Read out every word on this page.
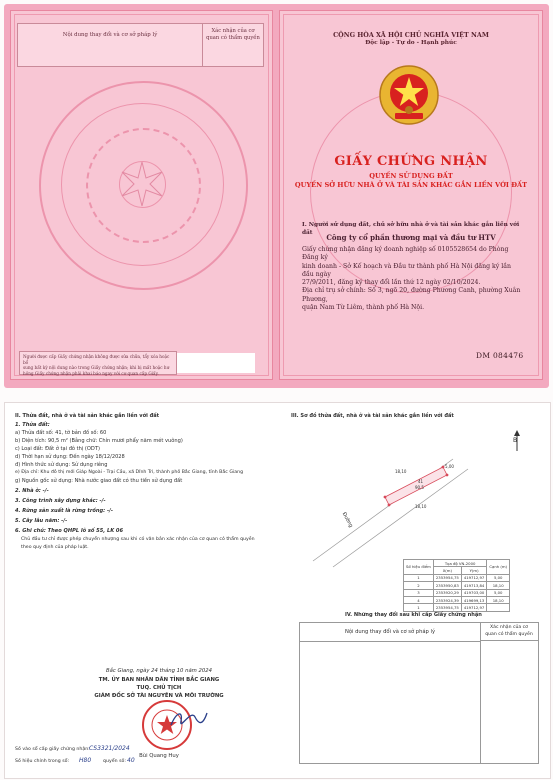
Nội dung thay đổi và cơ sở pháp lý
Xác nhận của cơ
quan có thẩm quyền
Người được cấp Giấy chứng nhận không được sửa chữa, tẩy xóa hoặc bổ
sung bất kỳ nội dung nào trong Giấy chứng nhận; khi bị mất hoặc hư
hỏng Giấy chứng nhận phải khai báo ngay với cơ quan cấp Giấy.
CỘNG HÒA XÃ HỘI CHỦ NGHĨA VIỆT NAM
Độc lập - Tự do - Hạnh phúc
GIẤY CHỨNG NHẬN
QUYỀN SỬ DỤNG ĐẤT
QUYỀN SỞ HỮU NHÀ Ở VÀ TÀI SẢN KHÁC GẮN LIỀN VỚI ĐẤT
I. Người sử dụng đất, chủ sở hữu nhà ở và tài sản khác gắn liền với đất	Công ty cổ phần thương mại và đầu tư HTV
Giấy chứng nhận đăng ký doanh nghiệp số 0105528654 do Phòng Đăng ký
kinh doanh - Sở Kế hoạch và Đầu tư thành phố Hà Nội đăng ký lần đầu ngày
27/9/2011, đăng ký thay đổi lần thứ 12 ngày 02/10/2024.
Địa chỉ trụ sở chính: Số 3, ngõ 20, đường Phương Canh, phường Xuân Phương,
quận Nam Từ Liêm, thành phố Hà Nội.
DM 084476
II. Thửa đất, nhà ở và tài sản khác gắn liền với đất
1. Thửa đất:
a) Thửa đất số: 41, tờ bản đồ số: 60
b) Diện tích: 90,5 m² (Bằng chữ: Chín mươi phẩy năm mét vuông)
c) Loại đất: Đất ở tại đô thị (ODT)
d) Thời hạn sử dụng: Đến ngày 18/12/2028
đ) Hình thức sử dụng: Sử dụng riêng
e) Địa chỉ: Khu đô thị mới Giáp Ngoài - Trại Cầu, xã Dĩnh Trì, thành phố Bắc Giang, tỉnh Bắc Giang
g) Nguồn gốc sử dụng: Nhà nước giao đất có thu tiền sử dụng đất
2. Nhà ở: -/-
3. Công trình xây dựng khác: -/-
4. Rừng sản xuất là rừng trồng: -/-
5. Cây lâu năm: -/-
6. Ghi chú: Theo QHPL lô số 55, LK 06
Chủ đầu tư chỉ được phép chuyển nhượng sau khi có văn bản xác nhận của cơ quan có thẩm quyền
theo quy định của pháp luật.
Bắc Giang, ngày 24 tháng 10 năm 2024
TM. ỦY BAN NHÂN DÂN TỈNH BẮC GIANG
TUQ. CHỦ TỊCH
GIÁM ĐỐC SỞ TÀI NGUYÊN VÀ MÔI TRƯỜNG
Bùi Quang Huy
Số vào sổ cấp giấy chứng nhận: CS3321/2024
Số hiệu chính trong sổ: H80	quyển số: 40
III. Sơ đồ thửa đất, nhà ở và tài sản khác gắn liền với đất
B
41
90,5
18,10
18,10
5,00
Đường
Số hiệu điểm	Tọa độ VN-2000		Cạnh (m)
	X(m)	Y(m)	
1	2353954,75	419712,97	5,00
2	2353950,83	419713,84	18,10
3	2353920,29	419703,00	5,00
4	2353924,39	419699,13	18,10
1	2353954,75	419712,97	
IV. Những thay đổi sau khi cấp Giấy chứng nhận
Nội dung thay đổi và cơ sở pháp lý
Xác nhận của cơ
quan có thẩm quyền
